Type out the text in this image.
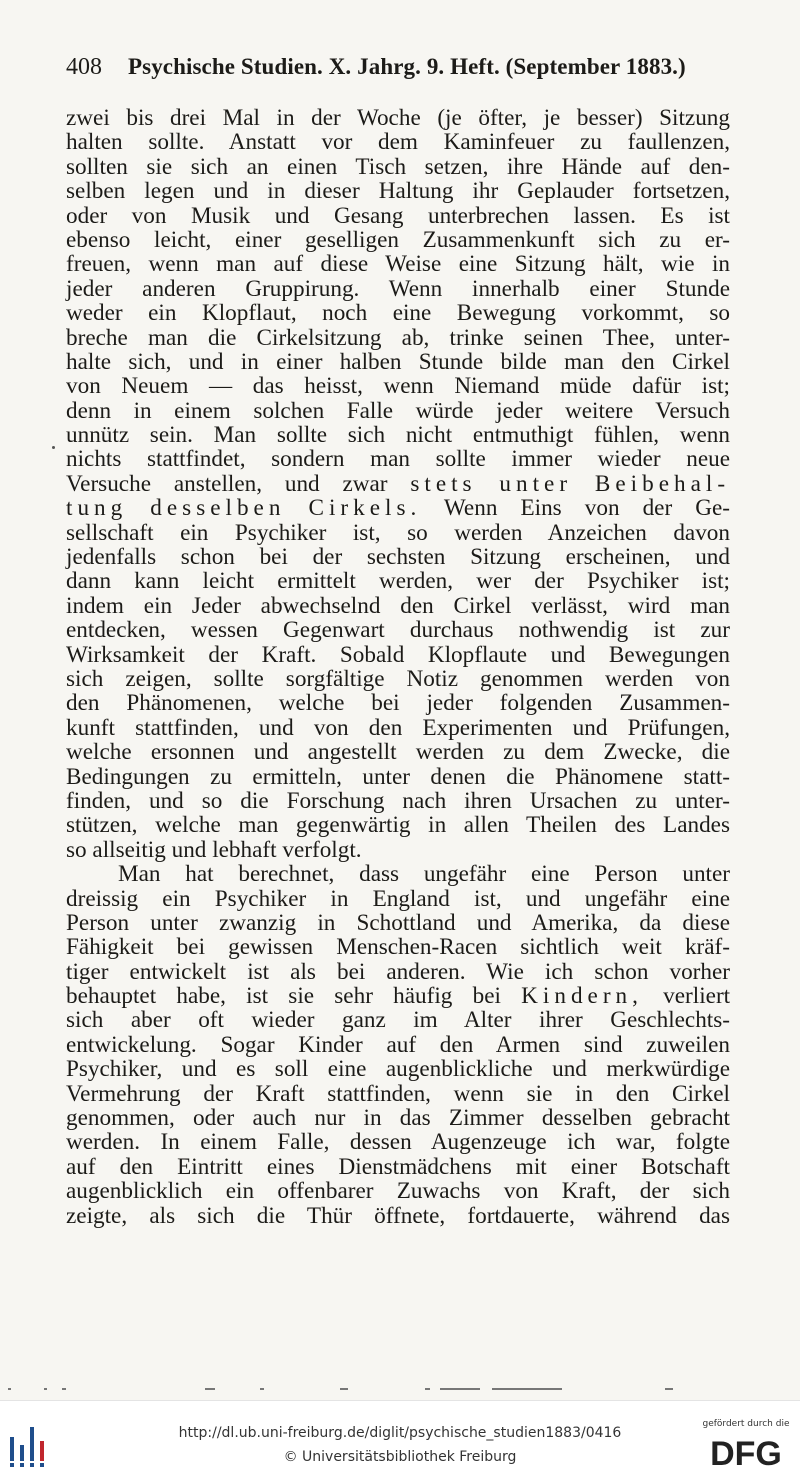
408 Psychische Studien. X. Jahrg. 9. Heft. (September 1883.)
zwei bis drei Mal in der Woche (je öfter, je besser) Sitzung
halten sollte. Anstatt vor dem Kaminfeuer zu faullenzen,
sollten sie sich an einen Tisch setzen, ihre Hände auf den-
selben legen und in dieser Haltung ihr Geplauder fortsetzen,
oder von Musik und Gesang unterbrechen lassen. Es ist
ebenso leicht, einer geselligen Zusammenkunft sich zu er-
freuen, wenn man auf diese Weise eine Sitzung hält, wie in
jeder anderen Gruppirung. Wenn innerhalb einer Stunde
weder ein Klopflaut, noch eine Bewegung vorkommt, so
breche man die Cirkelsitzung ab, trinke seinen Thee, unter-
halte sich, und in einer halben Stunde bilde man den Cirkel
von Neuem — das heisst, wenn Niemand müde dafür ist;
denn in einem solchen Falle würde jeder weitere Versuch
unnütz sein. Man sollte sich nicht entmuthigt fühlen, wenn
nichts stattfindet, sondern man sollte immer wieder neue
Versuche anstellen, und zwar stets unter Beibehal-
tung desselben Cirkels. Wenn Eins von der Ge-
sellschaft ein Psychiker ist, so werden Anzeichen davon
jedenfalls schon bei der sechsten Sitzung erscheinen, und
dann kann leicht ermittelt werden, wer der Psychiker ist;
indem ein Jeder abwechselnd den Cirkel verlässt, wird man
entdecken, wessen Gegenwart durchaus nothwendig ist zur
Wirksamkeit der Kraft. Sobald Klopflaute und Bewegungen
sich zeigen, sollte sorgfältige Notiz genommen werden von
den Phänomenen, welche bei jeder folgenden Zusammen-
kunft stattfinden, und von den Experimenten und Prüfungen,
welche ersonnen und angestellt werden zu dem Zwecke, die
Bedingungen zu ermitteln, unter denen die Phänomene statt-
finden, und so die Forschung nach ihren Ursachen zu unter-
stützen, welche man gegenwärtig in allen Theilen des Landes
so allseitig und lebhaft verfolgt.
Man hat berechnet, dass ungefähr eine Person unter
dreissig ein Psychiker in England ist, und ungefähr eine
Person unter zwanzig in Schottland und Amerika, da diese
Fähigkeit bei gewissen Menschen-Racen sichtlich weit kräf-
tiger entwickelt ist als bei anderen. Wie ich schon vorher
behauptet habe, ist sie sehr häufig bei Kindern, verliert
sich aber oft wieder ganz im Alter ihrer Geschlechts-
entwickelung. Sogar Kinder auf den Armen sind zuweilen
Psychiker, und es soll eine augenblickliche und merkwürdige
Vermehrung der Kraft stattfinden, wenn sie in den Cirkel
genommen, oder auch nur in das Zimmer desselben gebracht
werden. In einem Falle, dessen Augenzeuge ich war, folgte
auf den Eintritt eines Dienstmädchens mit einer Botschaft
augenblicklich ein offenbarer Zuwachs von Kraft, der sich
zeigte, als sich die Thür öffnete, fortdauerte, während das
http://dl.ub.uni-freiburg.de/diglit/psychische_studien1883/0416
© Universitätsbibliothek Freiburg
gefördert durch die
DFG
